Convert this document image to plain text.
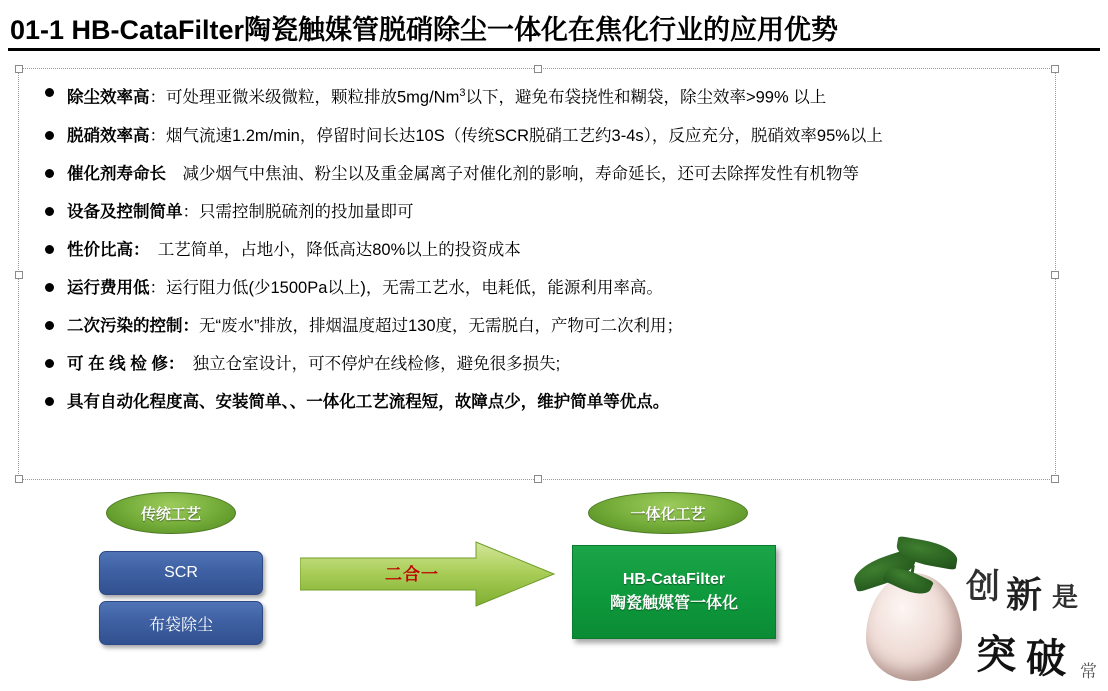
01-1 HB-CataFilter陶瓷触媒管脱硝除尘一体化在焦化行业的应用优势
除尘效率高：可处理亚微米级微粒，颗粒排放5mg/Nm$^3$以下，避免布袋挠性和糊袋，除尘效率>99% 以上
脱硝效率高：烟气流速1.2m/min，停留时间长达10S（传统SCR脱硝工艺约3-4s），反应充分，脱硝效率95%以上
催化剂寿命长　减少烟气中焦油、粉尘以及重金属离子对催化剂的影响，寿命延长，还可去除挥发性有机物等
设备及控制简单：只需控制脱硫剂的投加量即可
性价比高：　工艺简单，占地小，降低高达80%以上的投资成本
运行费用低：运行阻力低(少1500Pa以上)，无需工艺水，电耗低，能源利用率高。
二次污染的控制：无“废水”排放，排烟温度超过130度，无需脱白，产物可二次利用；
可 在 线 检 修：　独立仓室设计，可不停炉在线检修，避免很多损失;
具有自动化程度高、安装简单、、一体化工艺流程短，故障点少，维护简单等优点。
传统工艺	一体化工艺
SCR
布袋除尘
二合一	HB-CataFilter
陶瓷触媒管一体化	创 新 是
突 破 常
